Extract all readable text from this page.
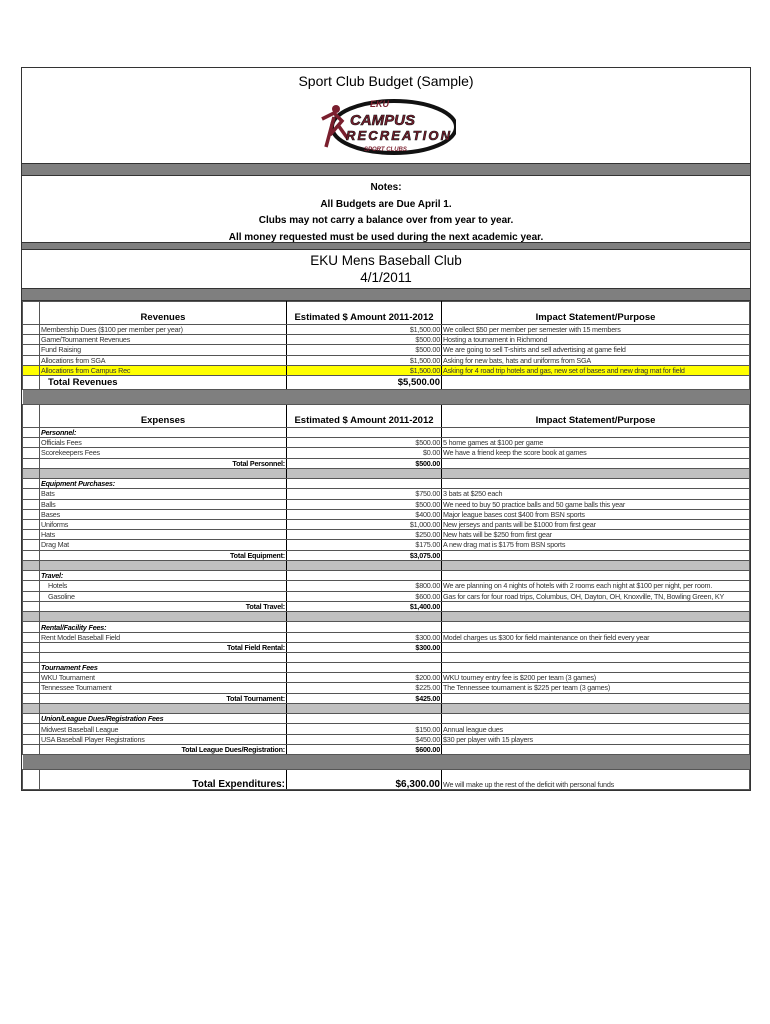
Sport Club Budget (Sample)
EKU
CAMPUS
RECREATION
SPORT CLUBS
Notes:
All Budgets are Due April 1.
Clubs may not carry a balance over from year to year.
All money requested must be used during the next academic year.
EKU Mens Baseball Club
4/1/2011
	Revenues	Estimated $ Amount 2011-2012	Impact Statement/Purpose
	Membership Dues ($100 per member per year)	$1,500.00	We collect $50 per member per semester with 15 members
	Game/Tournament Revenues	$500.00	Hosting a tournament in Richmond
	Fund Raising	$500.00	We are going to sell T-shirts and sell advertising at game field
	Allocations from SGA	$1,500.00	Asking for new bats, hats and uniforms from SGA
	Allocations from Campus Rec	$1,500.00	Asking for 4 road trip hotels and gas, new set of bases and new drag mat for field
	Total Revenues	$5,500.00	

	Expenses	Estimated $ Amount 2011-2012	Impact Statement/Purpose
	Personnel:		
	Officials Fees	$500.00	5 home games at $100 per game
	Scorekeepers Fees	$0.00	We have a friend keep the score book at games
	Total Personnel:	$500.00	

	Equipment Purchases:		
	Bats	$750.00	3 bats at $250 each
	Balls	$500.00	We need to buy 50 practice balls and 50 game balls this year
	Bases	$400.00	Major league bases cost $400 from BSN sports
	Uniforms	$1,000.00	New jerseys and pants will be $1000 from first gear
	Hats	$250.00	New hats will be $250 from first gear
	Drag Mat	$175.00	A new drag mat is $175 from BSN sports
	Total Equipment:	$3,075.00	

	Travel:		
	Hotels	$800.00	We are planning on 4 nights of hotels with 2 rooms each night at $100 per night, per room.
	Gasoline	$600.00	Gas for cars for four road trips, Columbus, OH, Dayton, OH, Knoxville, TN, Bowling Green, KY
	Total Travel:	$1,400.00	

	Rental/Facility Fees:		
	Rent Model Baseball Field	$300.00	Model charges us $300 for field maintenance on their field every year
	Total Field Rental:	$300.00	

	Tournament Fees		
	WKU Tournament	$200.00	WKU tourney entry fee is $200 per team (3 games)
	Tennessee Tournament	$225.00	The Tennessee tournament is $225 per team (3 games)
	Total Tournament:	$425.00	

	Union/League Dues/Registration Fees		
	Midwest Baseball League	$150.00	Annual league dues
	USA Baseball Player Registrations	$450.00	$30 per player with 15 players
	Total League Dues/Registration:	$600.00	

	Total Expenditures:	$6,300.00	We will make up the rest of the deficit with personal funds
